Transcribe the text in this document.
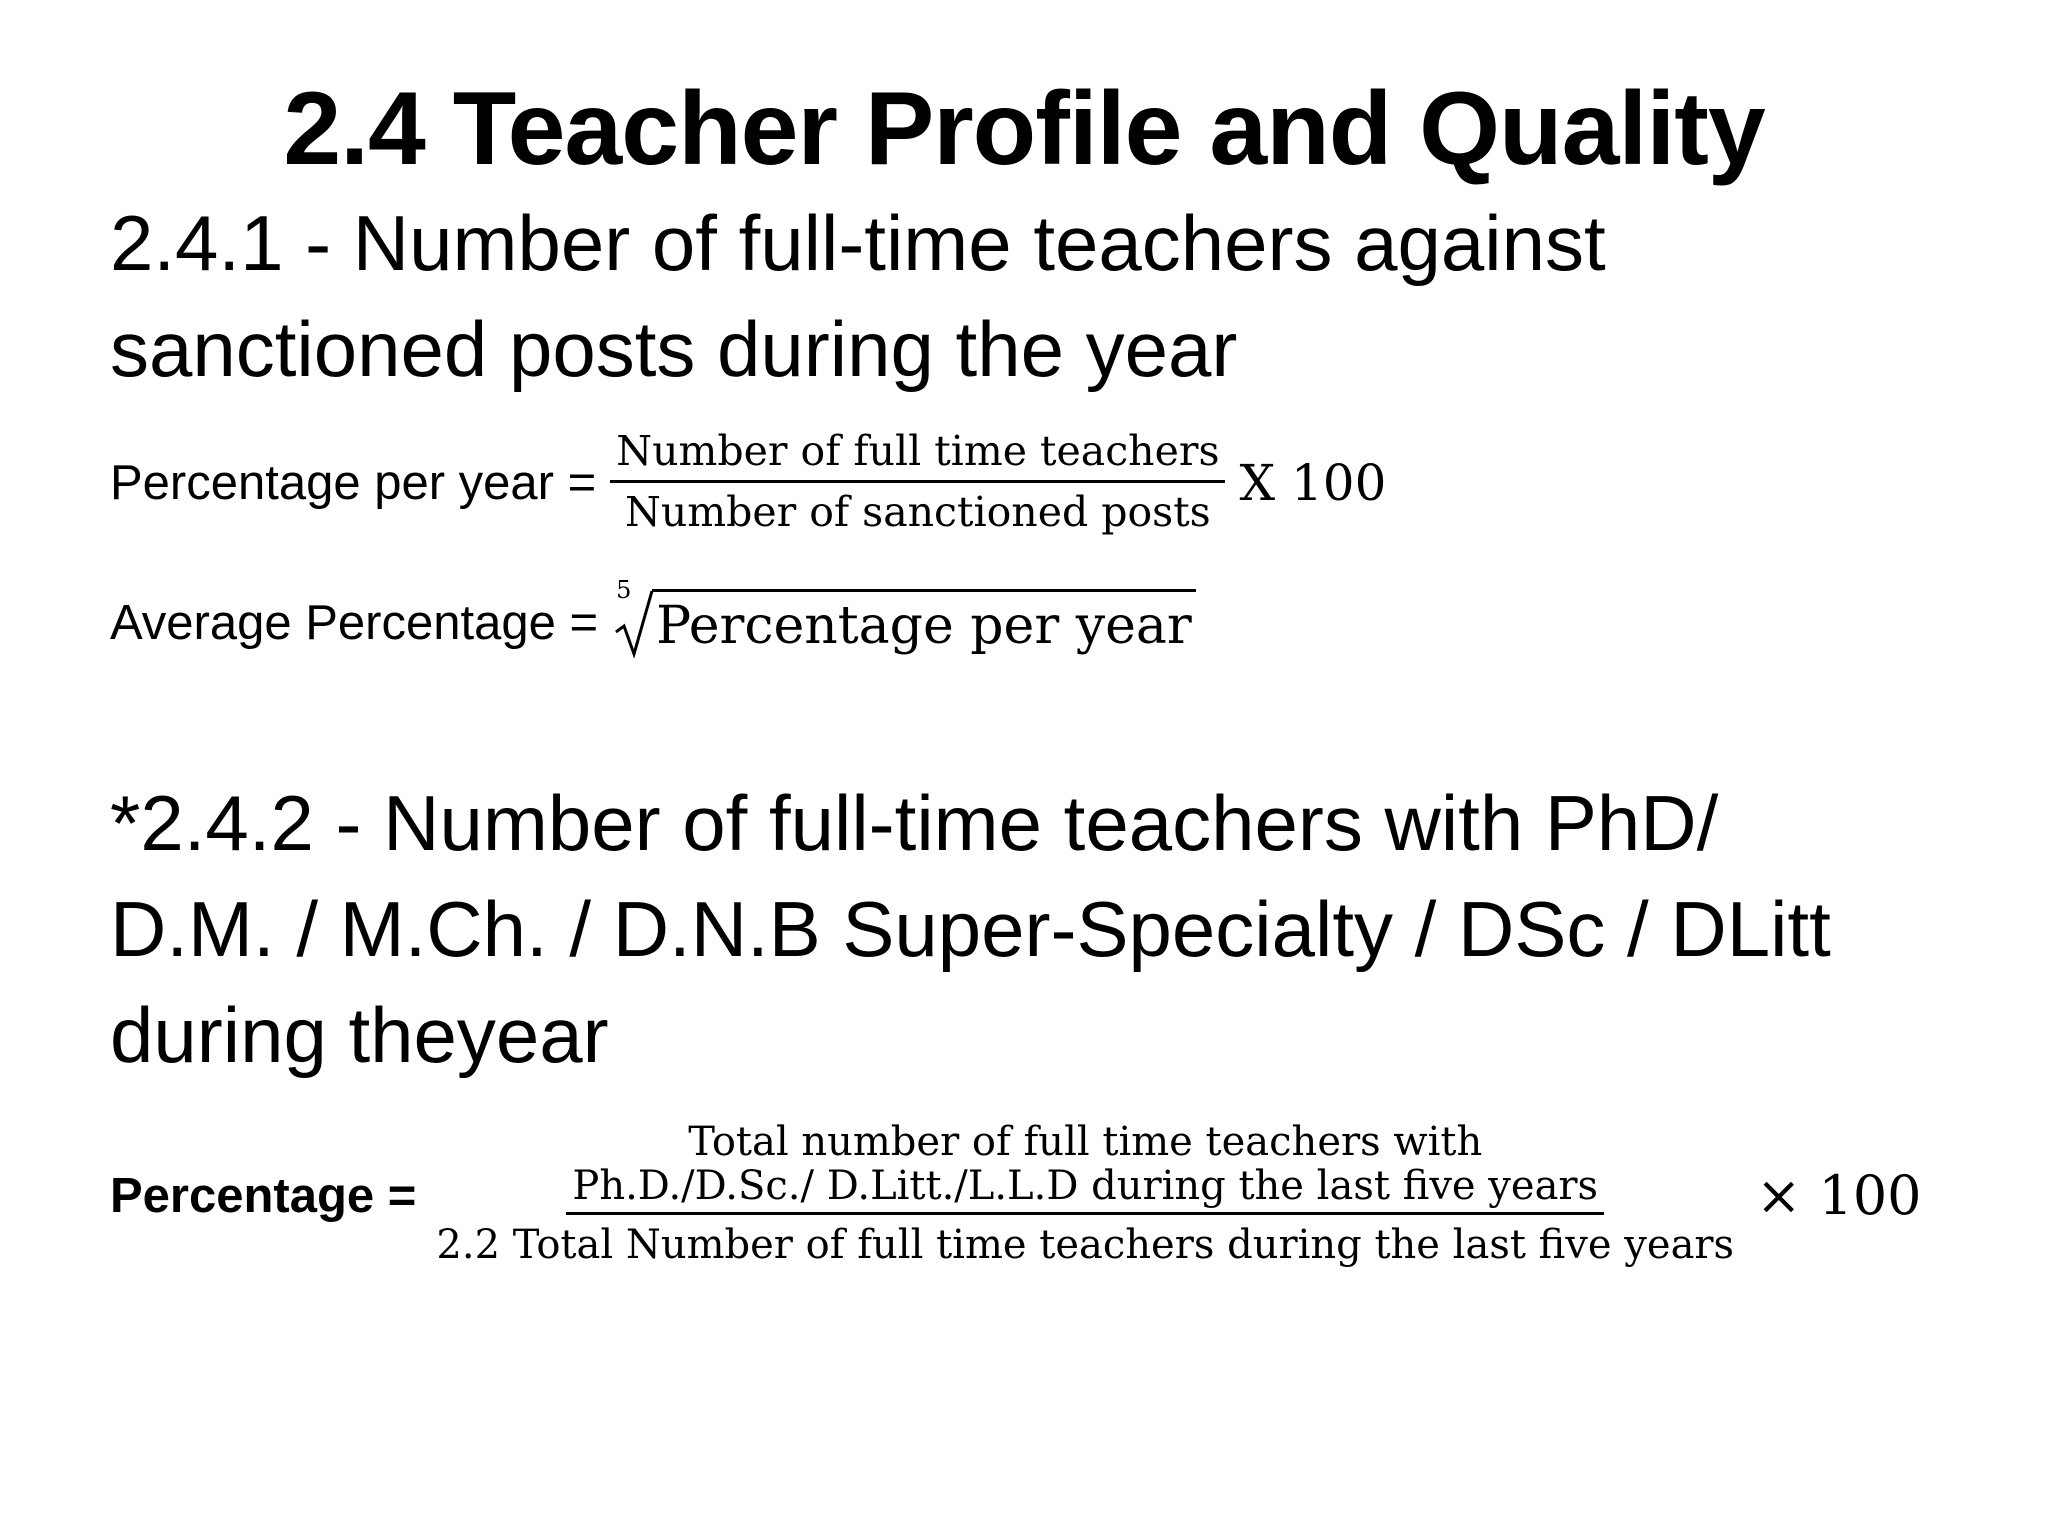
2.4 Teacher Profile and Quality
2.4.1 - Number of full-time teachers against
sanctioned posts during the year
Percentage per year = $\frac{\text{Number of full time teachers}}{\text{Number of sanctioned posts}}$ X 100
Average Percentage =
5
Percentage per year
*2.4.2 - Number of full-time teachers with PhD/
D.M. / M.Ch. / D.N.B Super-Specialty / DSc / DLitt
during theyear
Percentage =
Total number of full time teachers with
Ph.D./D.Sc./ D.Litt./L.L.D during the last five years
2.2 Total Number of full time teachers during the last five years
× 100
